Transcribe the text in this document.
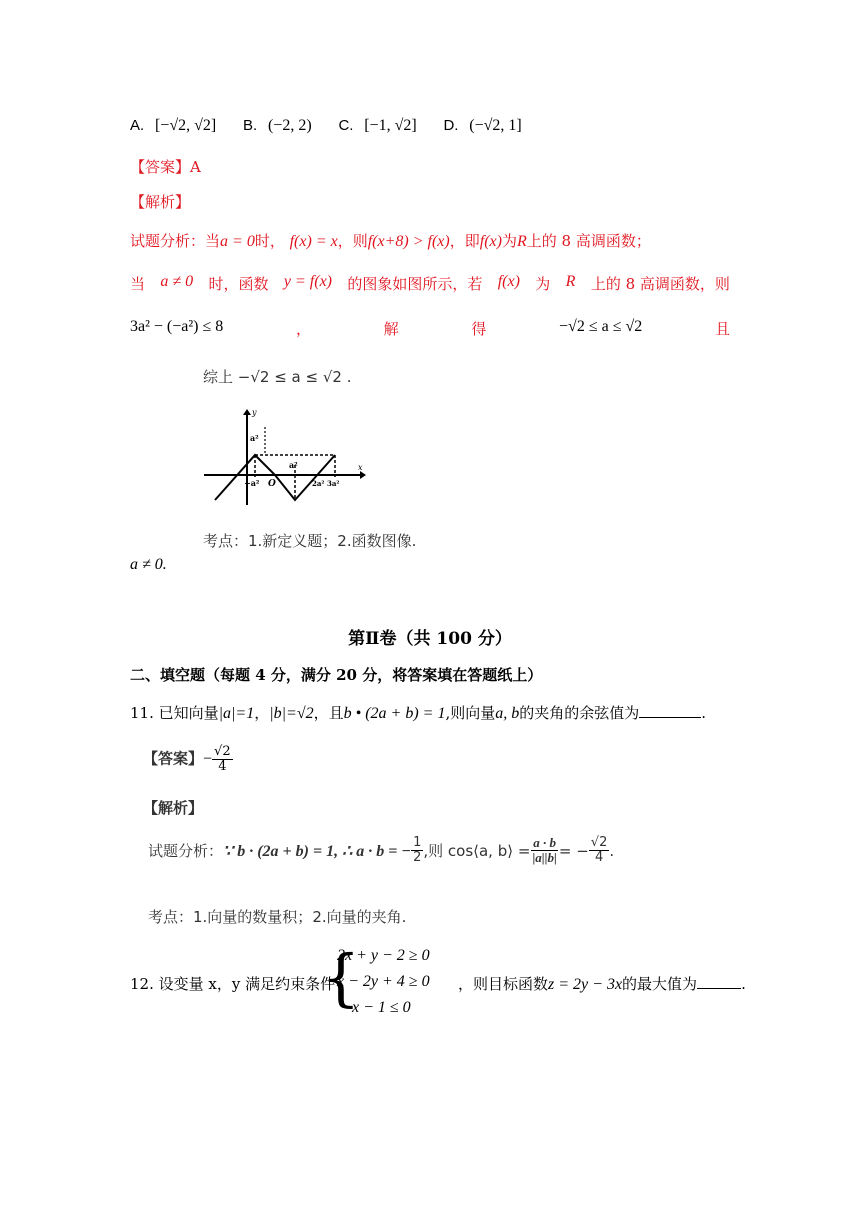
A. [−√2, √2] B. (−2, 2) C. [−1, √2] D. (−√2, 1]
【答案】A
【解析】
试题分析：当a = 0时， f(x) = x，则f(x+8) > f(x)，即f(x)为R上的 8 高调函数；
当 a ≠ 0 时，函数 y = f(x) 的图象如图所示，若 f(x) 为 R 上的 8 高调函数，则
3a² − (−a²) ≤ 8	，	解	得	−√2 ≤ a ≤ √2	且
综上 −√2 ≤ a ≤ √2 .
y
x
a²
a²
−a² O	2a² 3a²
考点：1.新定义题；2.函数图像.
a ≠ 0.
第Ⅱ卷（共 100 分）
二、填空题（每题 4 分，满分 20 分，将答案填在答题纸上）
11. 已知向量|a|=1，|b|=√2，且b • (2a + b) = 1,则向量a, b的夹角的余弦值为	.
【答案】− $\frac{√2}{4}$
【解析】
试题分析： ∵ b · (2a + b) = 1, ∴ a · b = − $\frac{1}{2}$ ,则 cos⟨a, b⟩ = $\frac{a \cdot b}{|a||b|}$ = − $\frac{√2}{4}$ .
考点：1.向量的数量积；2.向量的夹角.
12. 设变量 x，y 满足约束条件
{
2x + y − 2 ≥ 0
x − 2y + 4 ≥ 0
x − 1 ≤ 0
，则目标函数z = 2y − 3x的最大值为	.
